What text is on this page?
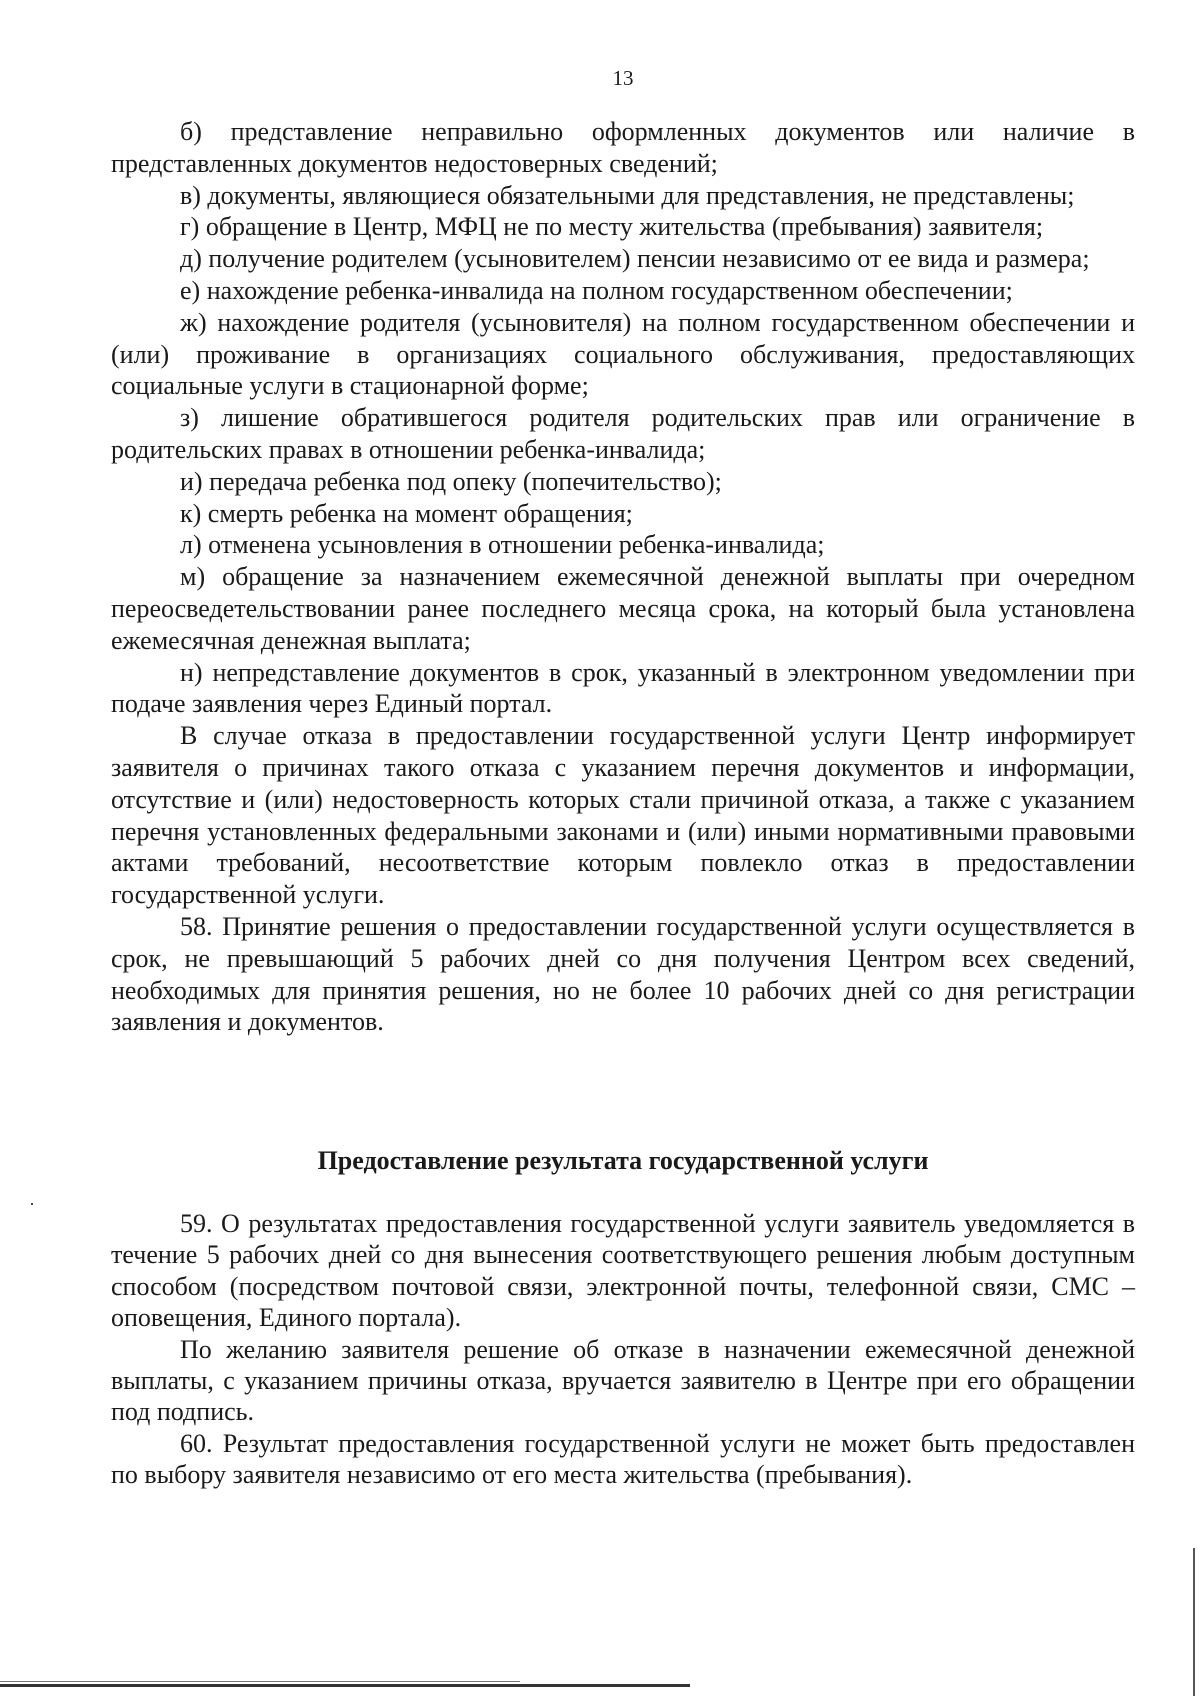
13

б) представление неправильно оформленных документов или наличие в представленных документов недостоверных сведений;

в) документы, являющиеся обязательными для представления, не представлены;

г) обращение в Центр, МФЦ не по месту жительства (пребывания) заявителя;

д) получение родителем (усыновителем) пенсии независимо от ее вида и размера;

е) нахождение ребенка-инвалида на полном государственном обеспечении;

ж) нахождение родителя (усыновителя) на полном государственном обеспечении и (или) проживание в организациях социального обслуживания, предоставляющих социальные услуги в стационарной форме;

з) лишение обратившегося родителя родительских прав или ограничение в родительских правах в отношении ребенка-инвалида;

и) передача ребенка под опеку (попечительство);

к) смерть ребенка на момент обращения;

л) отменена усыновления в отношении ребенка-инвалида;

м) обращение за назначением ежемесячной денежной выплаты при очередном переосведетельствовании ранее последнего месяца срока, на который была установлена ежемесячная денежная выплата;

н) непредставление документов в срок, указанный в электронном уведомлении при подаче заявления через Единый портал.

В случае отказа в предоставлении государственной услуги Центр информирует заявителя о причинах такого отказа с указанием перечня документов и информации, отсутствие и (или) недостоверность которых стали причиной отказа, а также с указанием перечня установленных федеральными законами и (или) иными нормативными правовыми актами требований, несоответствие которым повлекло отказ в предоставлении государственной услуги.

58. Принятие решения о предоставлении государственной услуги осуществляется в срок, не превышающий 5 рабочих дней со дня получения Центром всех сведений, необходимых для принятия решения, но не более 10 рабочих дней со дня регистрации заявления и документов.

Предоставление результата государственной услуги

59. О результатах предоставления государственной услуги заявитель уведомляется в течение 5 рабочих дней со дня вынесения соответствующего решения любым доступным способом (посредством почтовой связи, электронной почты, телефонной связи, СМС – оповещения, Единого портала).

По желанию заявителя решение об отказе в назначении ежемесячной денежной выплаты, с указанием причины отказа, вручается заявителю в Центре при его обращении под подпись.

60. Результат предоставления государственной услуги не может быть предоставлен по выбору заявителя независимо от его места жительства (пребывания).
